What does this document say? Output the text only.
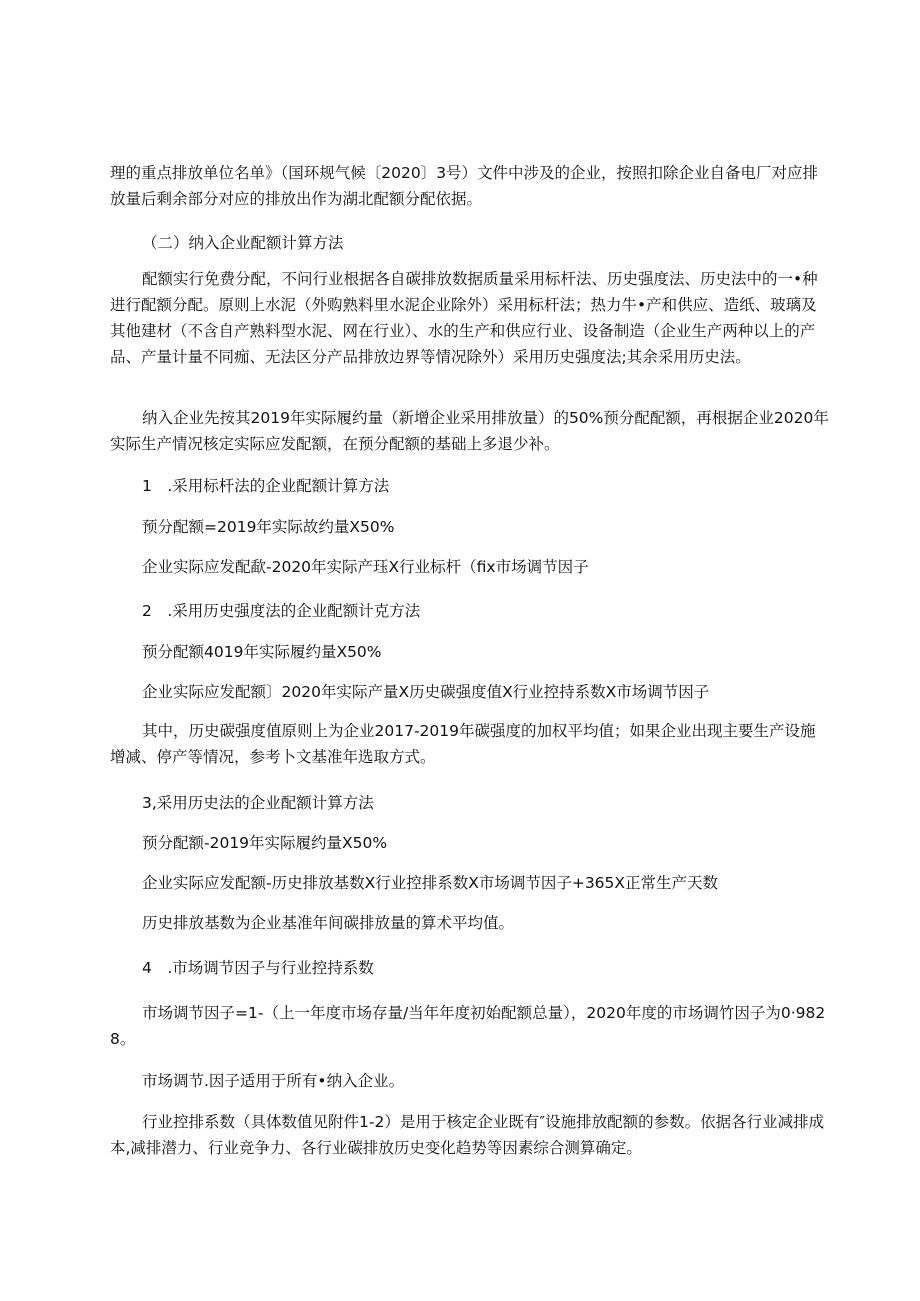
理的重点排放单位名单》（国环规气候〔2020〕3号）文件中涉及的企业，按照扣除企业自备电厂对应排放量后剩余部分对应的排放出作为湖北配额分配依据。

（二）纳入企业配额计算方法

配额实行免费分配，不问行业根据各自碳排放数据质量采用标杆法、历史强度法、历史法中的一•种进行配额分配。原则上水泥（外购熟料里水泥企业除外）采用标杆法；热力牛•产和供应、造纸、玻璃及其他建材（不含自产熟料型水泥、网在行业）、水的生产和供应行业、设备制造（企业生产两种以上的产品、产量计量不同痂、无法区分产品排放边界等情况除外）采用历史强度法;其余采用历史法。

纳入企业先按其2019年实际履约量（新增企业采用排放量）的50%预分配配额，再根据企业2020年实际生产情况核定实际应发配额，在预分配额的基础上多退少补。

1　.采用标杆法的企业配额计算方法

预分配额=2019年实际故约量X50%

企业实际应发配歃-2020年实际产珏X行业标杆（fix市场调节因子

2　.采用历史强度法的企业配额计克方法

预分配额4019年实际履约量X50%

企业实际应发配额〕2020年实际产量X历史碳强度值X行业控持系数X市场调节因子

其中，历史碳强度值原则上为企业2017-2019年碳强度的加权平均值；如果企业出现主要生产设施增减、停产等情况，参考卜文基准年选取方式。

3,采用历史法的企业配额计算方法

预分配额-2019年实际履约量X50%

企业实际应发配额-历史排放基数X行业控排系数X市场调节因子+365X正常生产天数

历史排放基数为企业基准年间碳排放量的算术平均值。

4　.市场调节因子与行业控持系数

市场调节因子=1-（上一年度市场存量/当年年度初始配额总量），2020年度的市场调竹因子为0·9828。

市场调节.因子适用于所有•纳入企业。

行业控排系数（具体数值见附件1-2）是用于核定企业既有″设施排放配额的参数。依据各行业减排成本,减排潜力、行业竞争力、各行业碳排放历史变化趋势等因素综合测算确定。
